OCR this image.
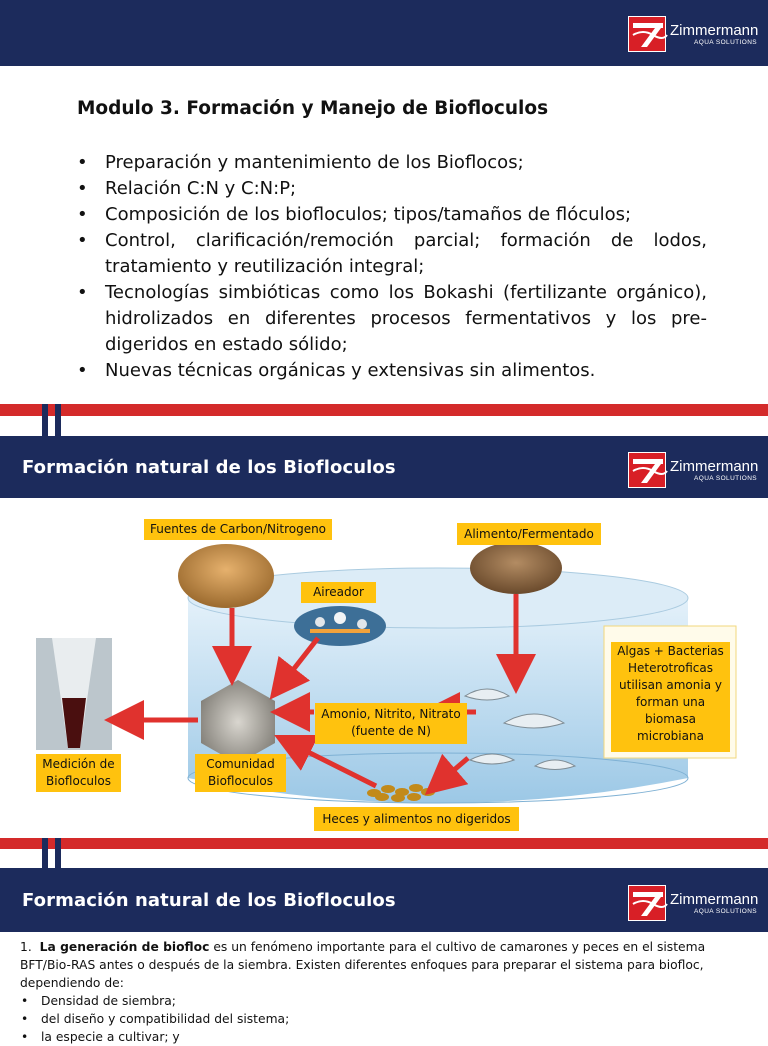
Zimmermann
AQUA SOLUTIONS
Modulo 3. Formación y Manejo de Biofloculos
• Preparación y mantenimiento de los Bioflocos;
• Relación C:N y C:N:P;
• Composición de los biofloculos; tipos/tamaños de flóculos;
• Control, clarificación/remoción parcial; formación de lodos, tratamiento y reutilización integral;
• Tecnologías simbióticas como los Bokashi (fertilizante orgánico), hidrolizados en diferentes procesos fermentativos y los pre-digeridos en estado sólido;
• Nuevas técnicas orgánicas y extensivas sin alimentos.
Formación natural de los Biofloculos	Zimmermann
AQUA SOLUTIONS
Fuentes de Carbon/Nitrogeno	Alimento/Fermentado
Aireador
Algas + Bacterias
Heterotroficas
utilisan amonia y
forman una
biomasa
microbiana
Amonio, Nitrito, Nitrato
(fuente de N)
Medición de
Biofloculos
Comunidad
Biofloculos
Heces y alimentos no digeridos
Formación natural de los Biofloculos	Zimmermann
AQUA SOLUTIONS

1. La generación de biofloc es un fenómeno importante para el cultivo de camarones y peces en el sistema BFT/Bio-RAS antes o después de la siembra. Existen diferentes enfoques para preparar el sistema para biofloc, dependiendo de:

• Densidad de siembra;
• del diseño y compatibilidad del sistema;
• la especie a cultivar; y
